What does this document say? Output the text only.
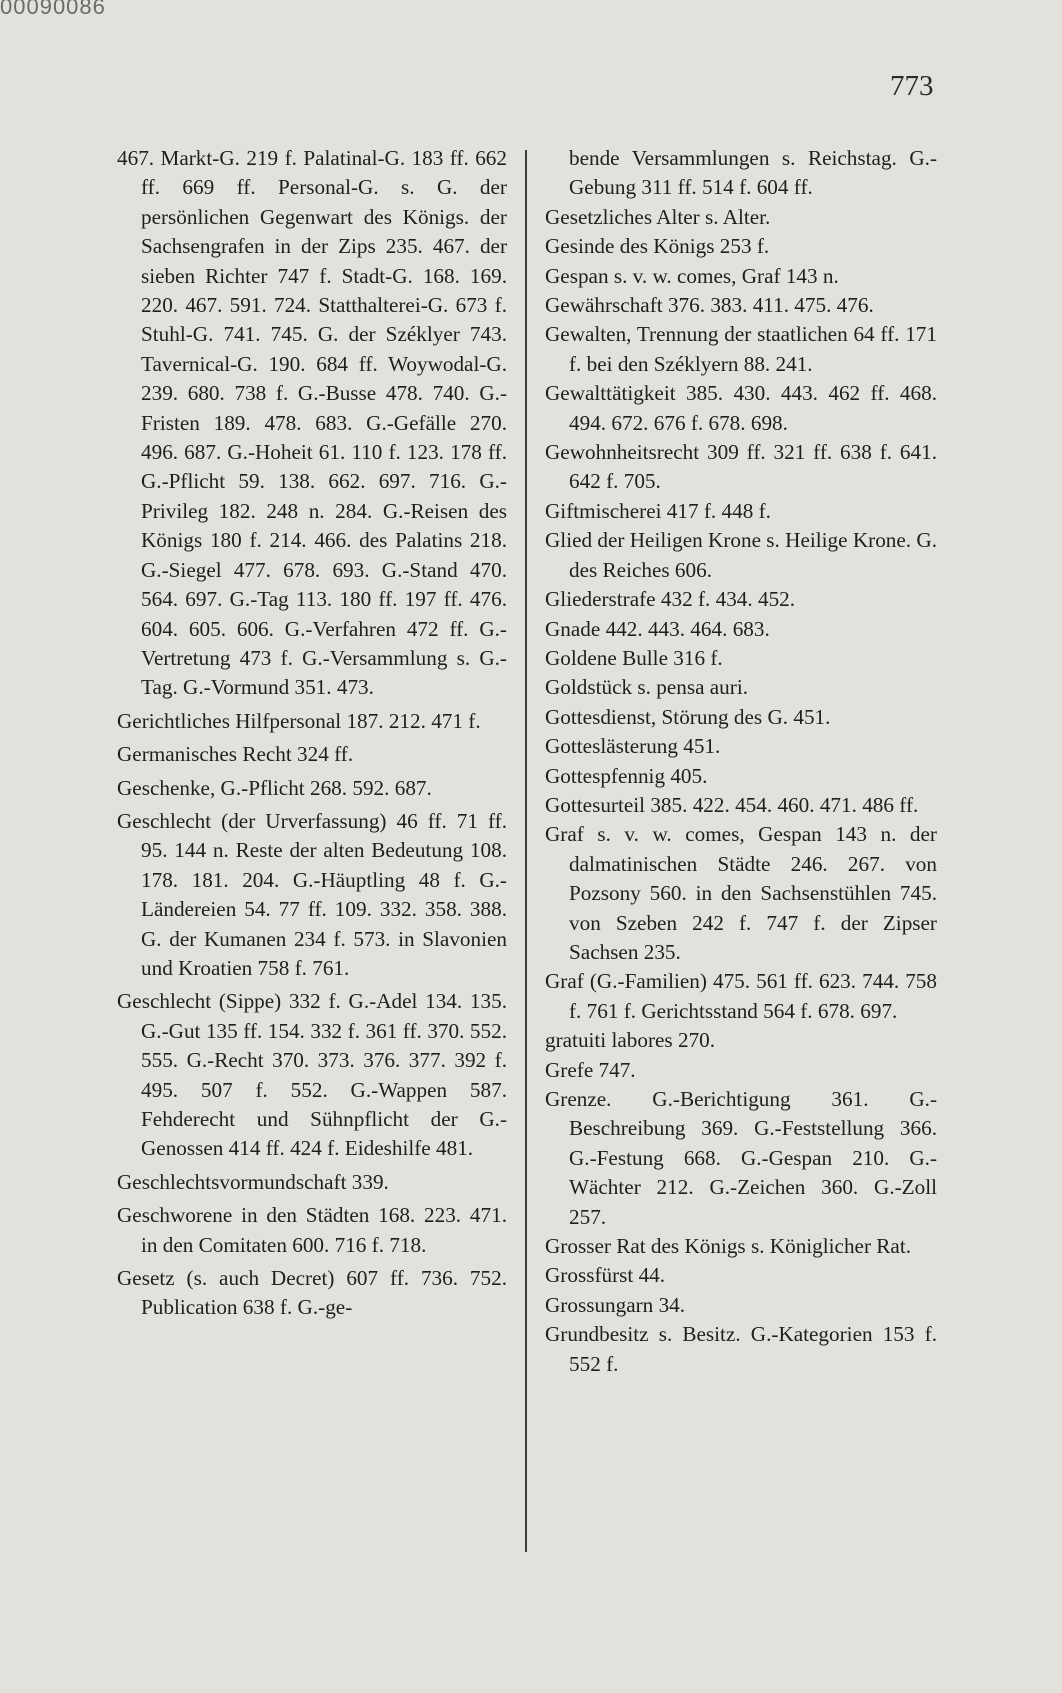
00090086
773
467. Markt-G. 219 f. Palatinal-G. 183 ff. 662 ff. 669 ff. Personal-G. s. G. der persönlichen Gegenwart des Königs. der Sachsengrafen in der Zips 235. 467. der sieben Richter 747 f. Stadt-G. 168. 169. 220. 467. 591. 724. Statthalterei-G. 673 f. Stuhl-G. 741. 745. G. der Széklyer 743. Tavernical-G. 190. 684 ff. Woywodal-G. 239. 680. 738 f. G.-Busse 478. 740. G.-Fristen 189. 478. 683. G.-Gefälle 270. 496. 687. G.-Hoheit 61. 110 f. 123. 178 ff. G.-Pflicht 59. 138. 662. 697. 716. G.-Privileg 182. 248 n. 284. G.-Reisen des Königs 180 f. 214. 466. des Palatins 218. G.-Siegel 477. 678. 693. G.-Stand 470. 564. 697. G.-Tag 113. 180 ff. 197 ff. 476. 604. 605. 606. G.-Verfahren 472 ff. G.-Vertretung 473 f. G.-Versammlung s. G.-Tag. G.-Vormund 351. 473.
Gerichtliches Hilfpersonal 187. 212. 471 f.
Germanisches Recht 324 ff.
Geschenke, G.-Pflicht 268. 592. 687.
Geschlecht (der Urverfassung) 46 ff. 71 ff. 95. 144 n. Reste der alten Bedeutung 108. 178. 181. 204. G.-Häuptling 48 f. G.-Ländereien 54. 77 ff. 109. 332. 358. 388. G. der Kumanen 234 f. 573. in Slavonien und Kroatien 758 f. 761.
Geschlecht (Sippe) 332 f. G.-Adel 134. 135. G.-Gut 135 ff. 154. 332 f. 361 ff. 370. 552. 555. G.-Recht 370. 373. 376. 377. 392 f. 495. 507 f. 552. G.-Wappen 587. Fehderecht und Sühnpflicht der G.-Genossen 414 ff. 424 f. Eideshilfe 481.
Geschlechtsvormundschaft 339.
Geschworene in den Städten 168. 223. 471. in den Comitaten 600. 716 f. 718.
Gesetz (s. auch Decret) 607 ff. 736. 752. Publication 638 f. G.-ge-
bende Versammlungen s. Reichstag. G.-Gebung 311 ff. 514 f. 604 ff.
Gesetzliches Alter s. Alter.
Gesinde des Königs 253 f.
Gespan s. v. w. comes, Graf 143 n.
Gewährschaft 376. 383. 411. 475. 476.
Gewalten, Trennung der staatlichen 64 ff. 171 f. bei den Széklyern 88. 241.
Gewalttätigkeit 385. 430. 443. 462 ff. 468. 494. 672. 676 f. 678. 698.
Gewohnheitsrecht 309 ff. 321 ff. 638 f. 641. 642 f. 705.
Giftmischerei 417 f. 448 f.
Glied der Heiligen Krone s. Heilige Krone. G. des Reiches 606.
Gliederstrafe 432 f. 434. 452.
Gnade 442. 443. 464. 683.
Goldene Bulle 316 f.
Goldstück s. pensa auri.
Gottesdienst, Störung des G. 451.
Gotteslästerung 451.
Gottespfennig 405.
Gottesurteil 385. 422. 454. 460. 471. 486 ff.
Graf s. v. w. comes, Gespan 143 n. der dalmatinischen Städte 246. 267. von Pozsony 560. in den Sachsenstühlen 745. von Szeben 242 f. 747 f. der Zipser Sachsen 235.
Graf (G.-Familien) 475. 561 ff. 623. 744. 758 f. 761 f. Gerichtsstand 564 f. 678. 697.
gratuiti labores 270.
Grefe 747.
Grenze. G.-Berichtigung 361. G.-Beschreibung 369. G.-Feststellung 366. G.-Festung 668. G.-Gespan 210. G.-Wächter 212. G.-Zeichen 360. G.-Zoll 257.
Grosser Rat des Königs s. Königlicher Rat.
Grossfürst 44.
Grossungarn 34.
Grundbesitz s. Besitz. G.-Kategorien 153 f. 552 f.
